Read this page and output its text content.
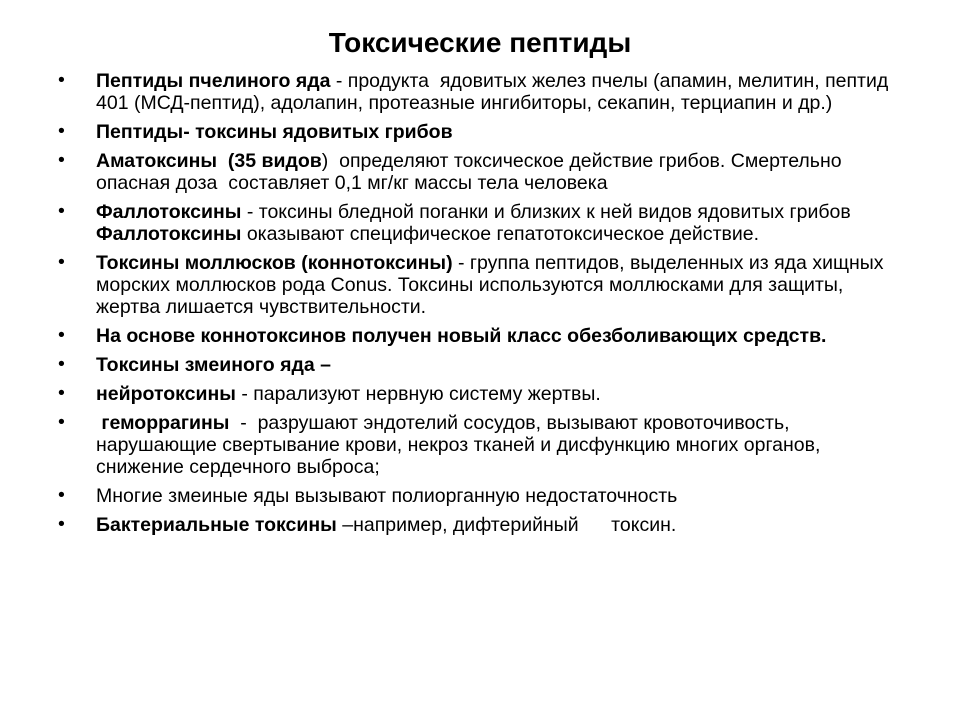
Токсические пептиды
• Пептиды пчелиного яда - продукта  ядовитых желез пчелы (апамин, мелитин, пептид 401 (МСД-пептид), адолапин, протеазные ингибиторы, секапин, терциапин и др.)
• Пептиды- токсины ядовитых грибов
• Аматоксины  (35 видов)  определяют токсическое действие грибов. Смертельно опасная доза  составляет 0,1 мг/кг массы тела человека
• Фаллотоксины - токсины бледной поганки и близких к ней видов ядовитых грибов Фаллотоксины оказывают специфическое гепатотоксическое действие.
• Токсины моллюсков (коннотоксины) - группа пептидов, выделенных из яда хищных морских моллюсков рода Conus. Токсины используются моллюсками для защиты, жертва лишается чувствительности.
• На основе коннотоксинов получен новый класс обезболивающих средств.
• Токсины змеиного яда –
• нейротоксины - парализуют нервную систему жертвы.
• геморрагины  -  разрушают эндотелий сосудов, вызывают кровоточивость, нарушающие свертывание крови, некроз тканей и дисфункцию многих органов,  снижение сердечного выброса;
• Многие змеиные яды вызывают полиорганную недостаточность
• Бактериальные токсины –например, дифтерийный      токсин.
